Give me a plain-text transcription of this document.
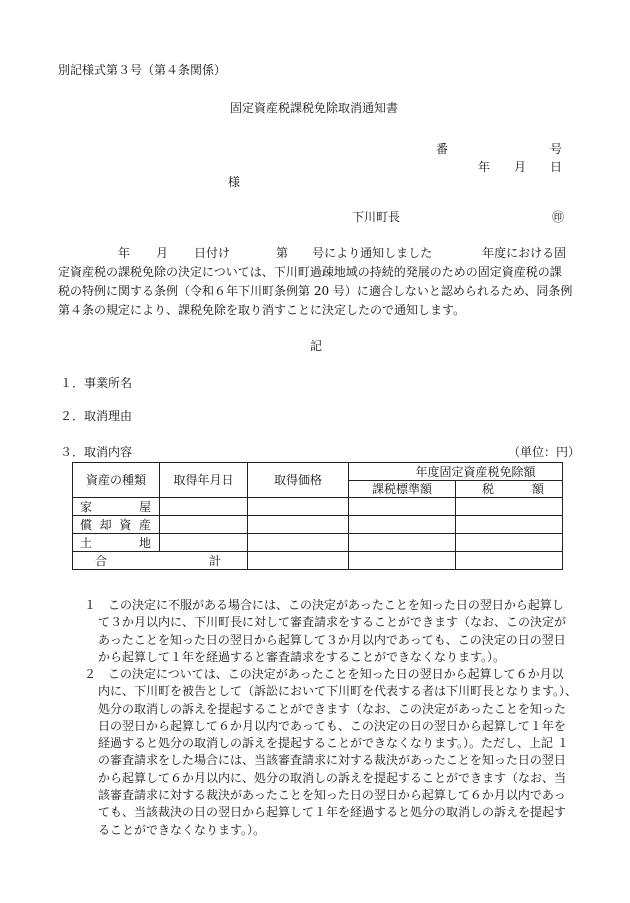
別記様式第３号（第４条関係）
固定資産税課税免除取消通知書
番	号
年 月 日
様
下川町長	㊞
年 月 日付け	第 号により通知しました	年度における固
定資産税の課税免除の決定については、下川町過疎地域の持続的発展のための固定資産税の課
税の特例に関する条例（令和６年下川町条例第 20 号）に適合しないと認められるため、同条例
第４条の規定により、課税免除を取り消すことに決定したので通知します。
記
１．事業所名
２．取消理由
３．取消内容	（単位：円）
資産の種類	取得年月日	取得価格	年度固定資産税免除額	
			課税標準額	税 額

家 屋				

償 却 資 産				

土 地				

合 計				

１　この決定に不服がある場合には、この決定があったことを知った日の翌日から起算し
て３か月以内に、下川町長に対して審査請求をすることができます（なお、この決定が
あったことを知った日の翌日から起算して３か月以内であっても、この決定の日の翌日
から起算して１年を経過すると審査請求をすることができなくなります。）。
２　この決定については、この決定があったことを知った日の翌日から起算して６か月以
内に、下川町を被告として（訴訟において下川町を代表する者は下川町長となります。）、
処分の取消しの訴えを提起することができます（なお、この決定があったことを知った
日の翌日から起算して６か月以内であっても、この決定の日の翌日から起算して１年を
経過すると処分の取消しの訴えを提起することができなくなります。）。ただし、上記 １
の審査請求をした場合には、当該審査請求に対する裁決があったことを知った日の翌日
から起算して６か月以内に、処分の取消しの訴えを提起することができます（なお、当
該審査請求に対する裁決があったことを知った日の翌日から起算して６か月以内であっ
ても、当該裁決の日の翌日から起算して１年を経過すると処分の取消しの訴えを提起す
ることができなくなります。）。
